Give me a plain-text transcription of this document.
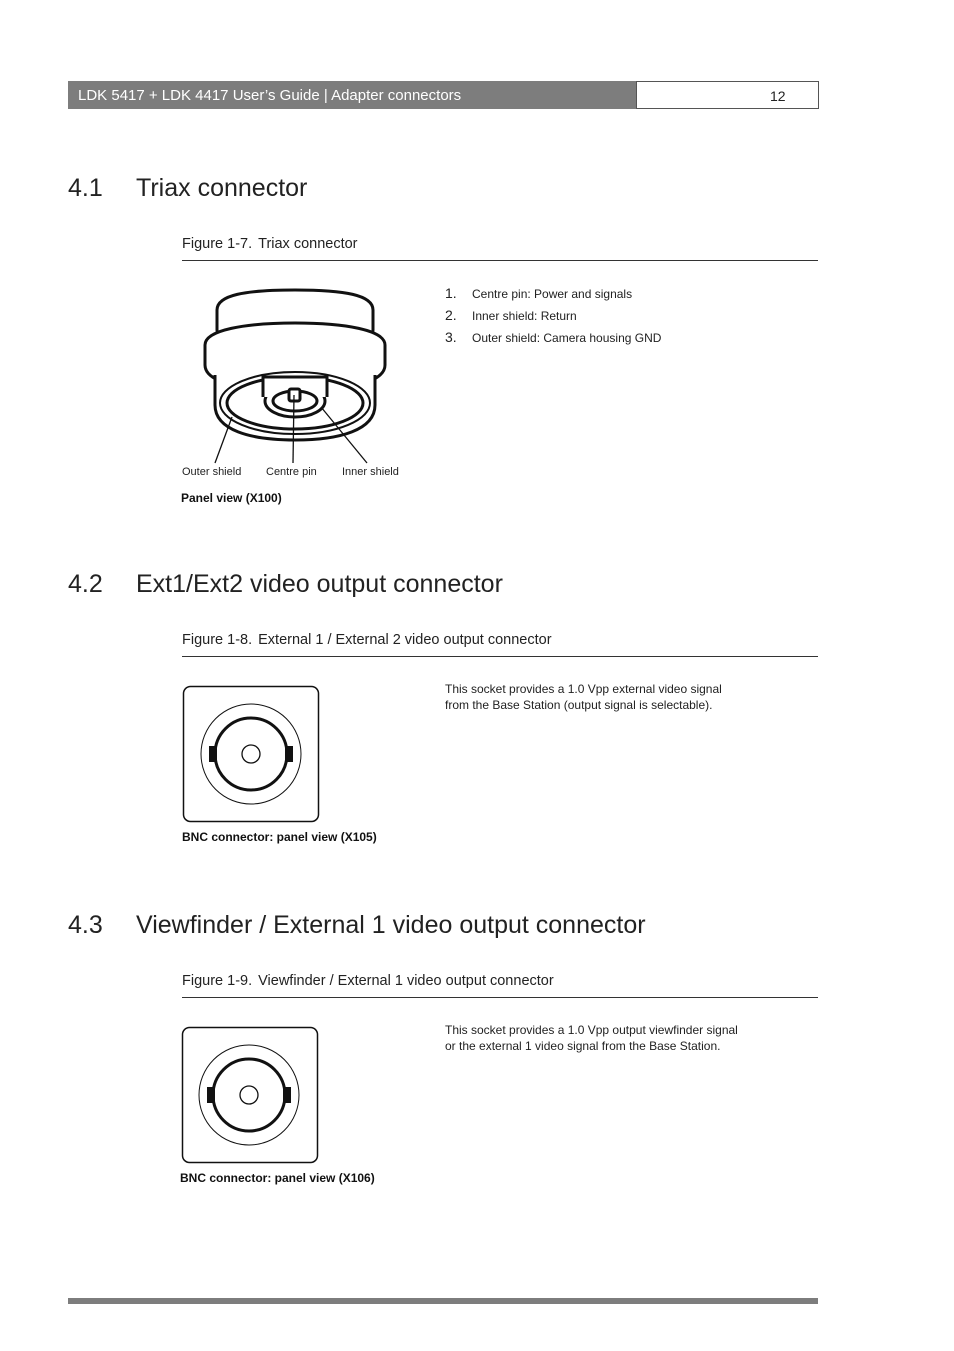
LDK 5417 + LDK 4417 User’s Guide | Adapter connectors	12
4.1 Triax connector
Figure 1-7. Triax connector
Outer shield Centre pin Inner shield
Panel view (X100)
1. Centre pin: Power and signals
2. Inner shield: Return
3. Outer shield: Camera housing GND
4.2 Ext1/Ext2 video output connector
Figure 1-8. External 1 / External 2 video output connector
BNC connector: panel view (X105)

This socket provides a 1.0 Vpp external video signal
from the Base Station (output signal is selectable).

4.3 Viewfinder / External 1 video output connector
Figure 1-9. Viewfinder / External 1 video output connector
BNC connector: panel view (X106)

This socket provides a 1.0 Vpp output viewfinder signal
or the external 1 video signal from the Base Station.
